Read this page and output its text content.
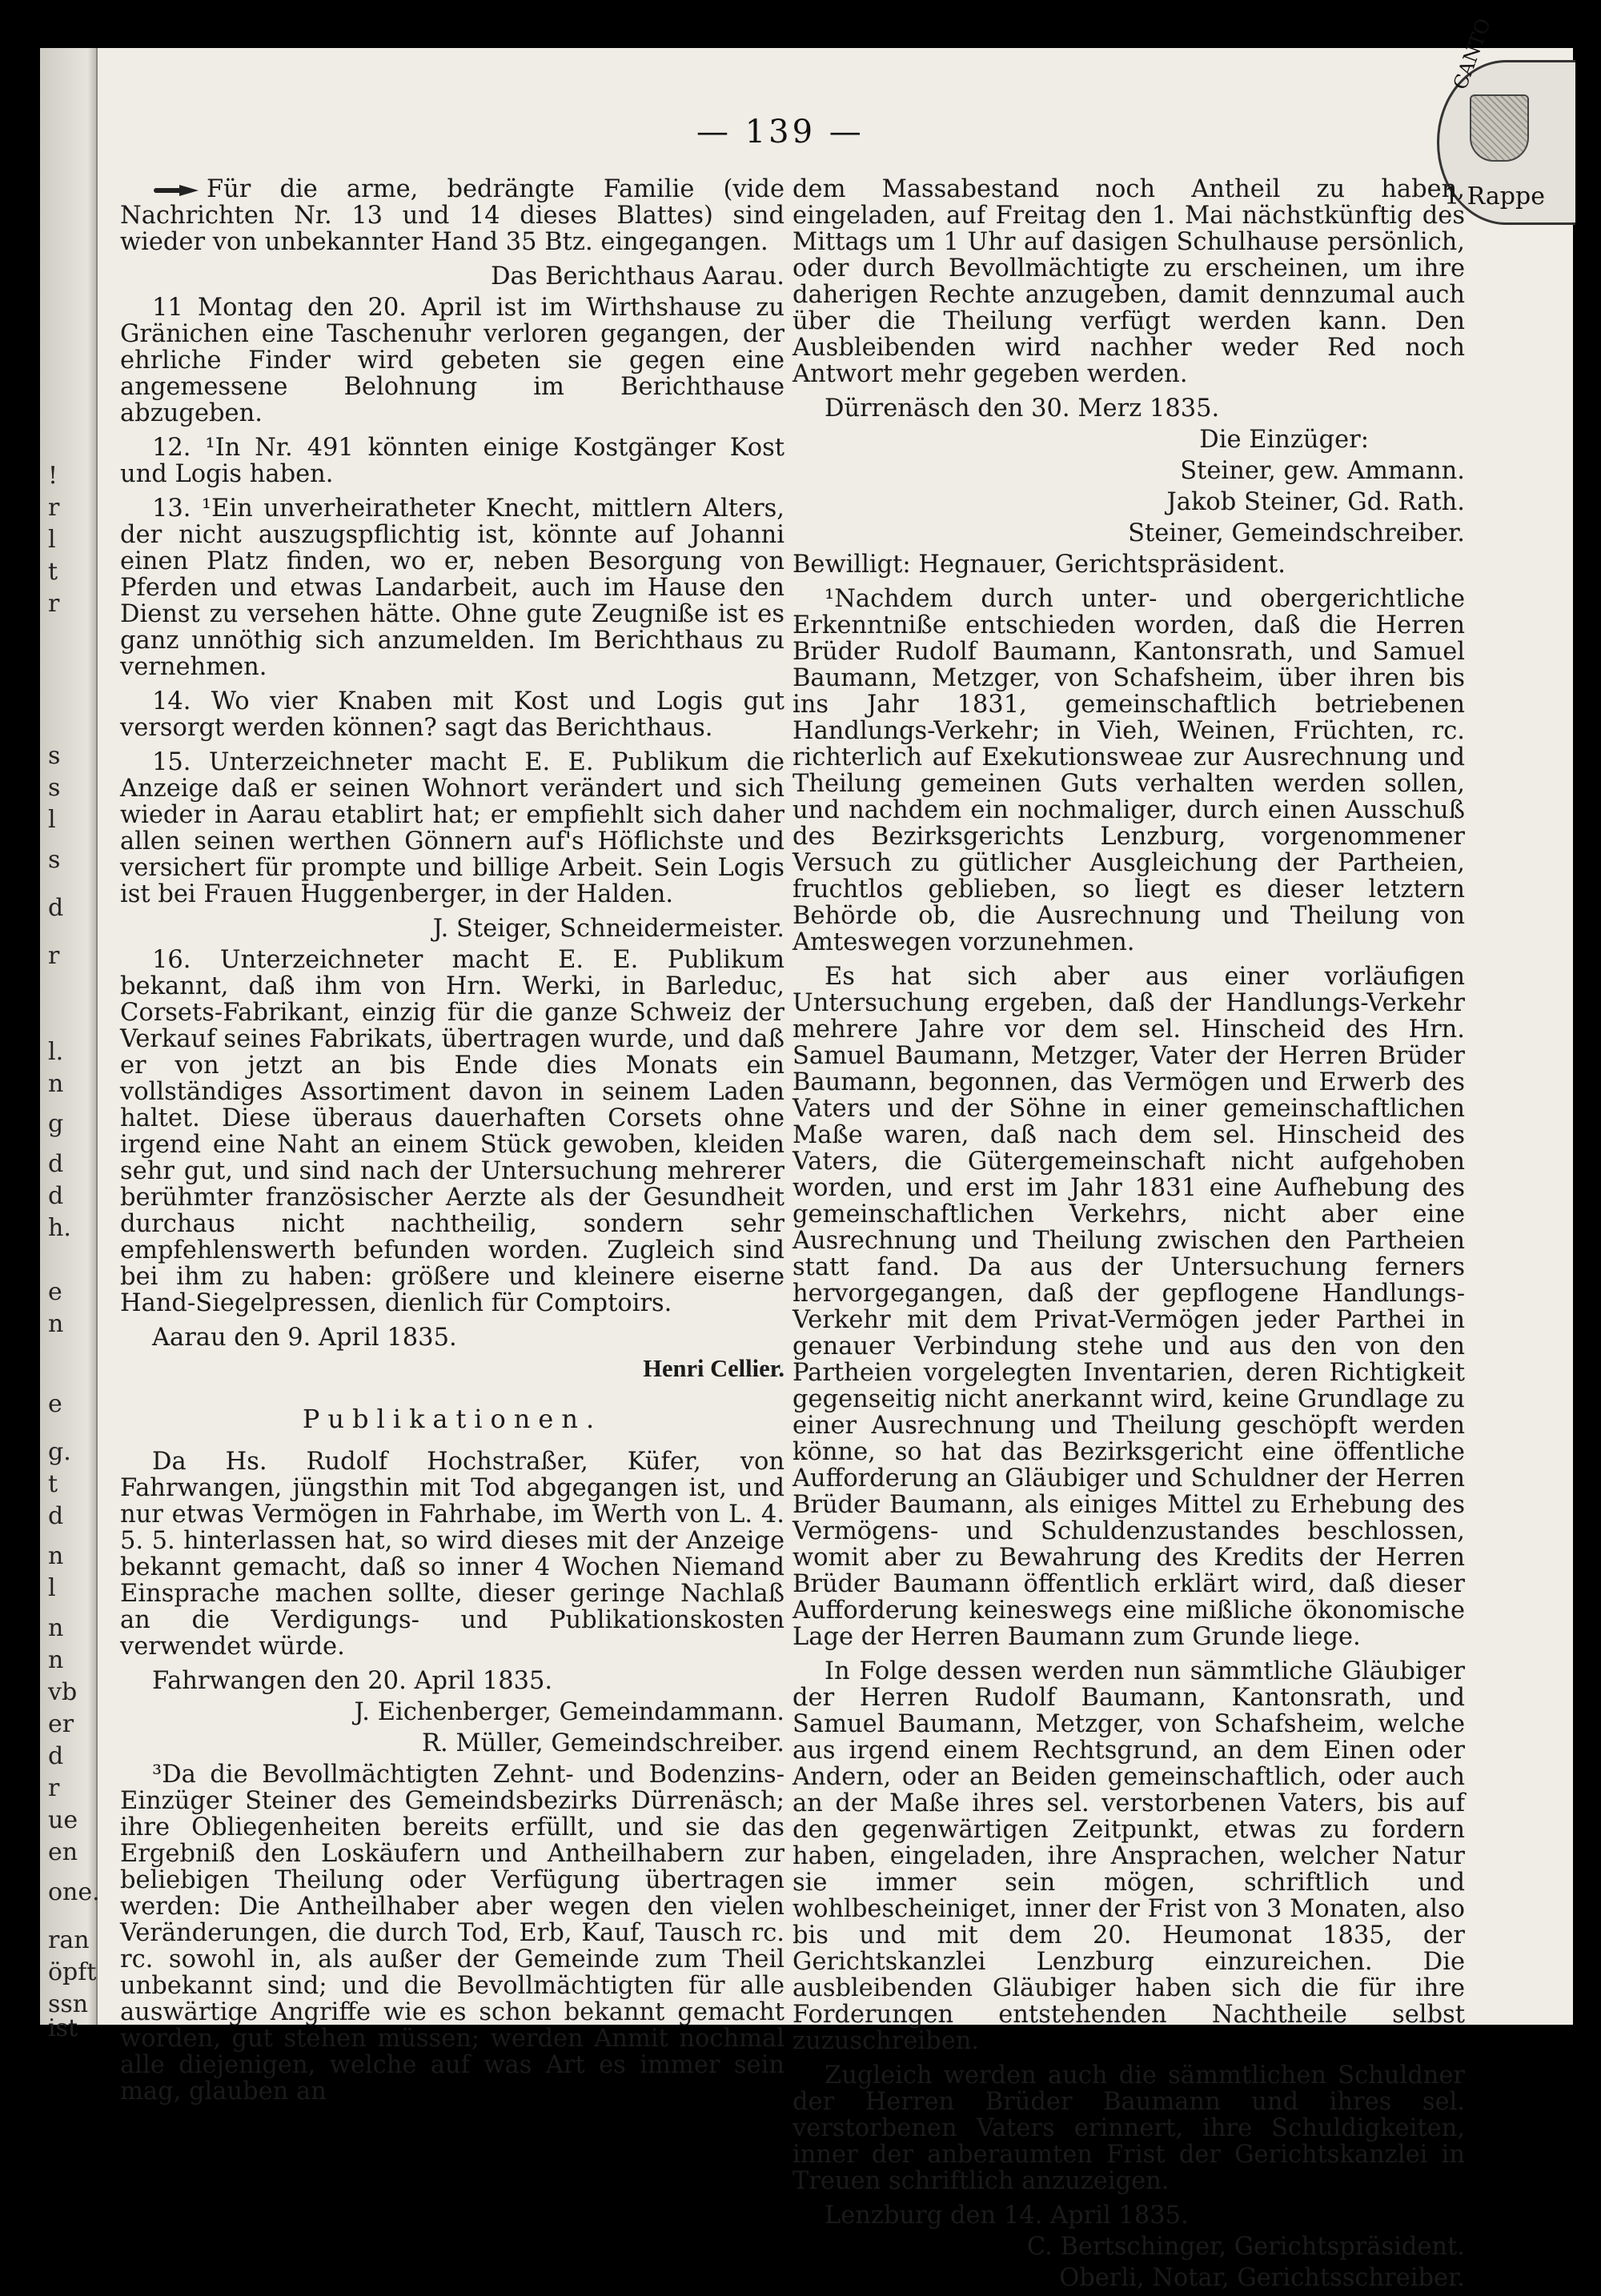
!
r
l
t
r
s
s
l
s
d
r
l.
n
g
d
d
h.
e
n
e
g.
t
d
n
l
n
n
vb
er
d
r
ue
en
one.
ran
öpft
ssn
ist
— 139 —
CANTO
1 Rappe

Für die arme, bedrängte Familie (vide Nachrichten Nr. 13 und 14 dieses Blattes) sind wieder von unbekannter Hand 35 Btz. eingegangen.

Das Berichthaus Aarau.

11 Montag den 20. April ist im Wirthshause zu Gränichen eine Taschenuhr verloren gegangen, der ehrliche Finder wird gebeten sie gegen eine angemessene Belohnung im Berichthause abzugeben.

12. ¹In Nr. 491 könnten einige Kostgänger Kost und Logis haben.

13. ¹Ein unverheiratheter Knecht, mittlern Alters, der nicht auszugspflichtig ist, könnte auf Johanni einen Platz finden, wo er, neben Besorgung von Pferden und etwas Landarbeit, auch im Hause den Dienst zu versehen hätte. Ohne gute Zeugniße ist es ganz unnöthig sich anzumelden. Im Berichthaus zu vernehmen.

14. Wo vier Knaben mit Kost und Logis gut versorgt werden können? sagt das Berichthaus.

15. Unterzeichneter macht E. E. Publikum die Anzeige daß er seinen Wohnort verändert und sich wieder in Aarau etablirt hat; er empfiehlt sich daher allen seinen werthen Gönnern auf's Höflichste und versichert für prompte und billige Arbeit. Sein Logis ist bei Frauen Huggenberger, in der Halden.

J. Steiger, Schneidermeister.

16. Unterzeichneter macht E. E. Publikum bekannt, daß ihm von Hrn. Werki, in Barleduc, Corsets-Fabrikant, einzig für die ganze Schweiz der Verkauf seines Fabrikats, übertragen wurde, und daß er von jetzt an bis Ende dies Monats ein vollständiges Assortiment davon in seinem Laden haltet. Diese überaus dauerhaften Corsets ohne irgend eine Naht an einem Stück gewoben, kleiden sehr gut, und sind nach der Untersuchung mehrerer berühmter französischer Aerzte als der Gesundheit durchaus nicht nachtheilig, sondern sehr empfehlenswerth befunden worden. Zugleich sind bei ihm zu haben: größere und kleinere eiserne Hand-Siegelpressen, dienlich für Comptoirs.

Aarau den 9. April 1835.

Henri Cellier.

Publikationen.

Da Hs. Rudolf Hochstraßer, Küfer, von Fahrwangen, jüngsthin mit Tod abgegangen ist, und nur etwas Vermögen in Fahrhabe, im Werth von L. 4. 5. 5. hinterlassen hat, so wird dieses mit der Anzeige bekannt gemacht, daß so inner 4 Wochen Niemand Einsprache machen sollte, dieser geringe Nachlaß an die Verdigungs- und Publikationskosten verwendet würde.

Fahrwangen den 20. April 1835.

J. Eichenberger, Gemeindammann.

R. Müller, Gemeindschreiber.

³Da die Bevollmächtigten Zehnt- und Bodenzins-Einzüger Steiner des Gemeindsbezirks Dürrenäsch; ihre Obliegenheiten bereits erfüllt, und sie das Ergebniß den Loskäufern und Antheilhabern zur beliebigen Theilung oder Verfügung übertragen werden: Die Antheilhaber aber wegen den vielen Veränderungen, die durch Tod, Erb, Kauf, Tausch rc. rc. sowohl in, als außer der Gemeinde zum Theil unbekannt sind; und die Bevollmächtigten für alle auswärtige Angriffe wie es schon bekannt gemacht worden, gut stehen müssen; werden Anmit nochmal alle diejenigen, welche auf was Art es immer sein mag, glauben an

dem Massabestand noch Antheil zu haben, eingeladen, auf Freitag den 1. Mai nächstkünftig des Mittags um 1 Uhr auf dasigen Schulhause persönlich, oder durch Bevollmächtigte zu erscheinen, um ihre daherigen Rechte anzugeben, damit dennzumal auch über die Theilung verfügt werden kann. Den Ausbleibenden wird nachher weder Red noch Antwort mehr gegeben werden.

Dürrenäsch den 30. Merz 1835.

Die Einzüger:

Steiner, gew. Ammann.

Jakob Steiner, Gd. Rath.

Steiner, Gemeindschreiber.

Bewilligt: Hegnauer, Gerichtspräsident.

¹Nachdem durch unter- und obergerichtliche Erkenntniße entschieden worden, daß die Herren Brüder Rudolf Baumann, Kantonsrath, und Samuel Baumann, Metzger, von Schafsheim, über ihren bis ins Jahr 1831, gemeinschaftlich betriebenen Handlungs-Verkehr; in Vieh, Weinen, Früchten, rc. richterlich auf Exekutionsweae zur Ausrechnung und Theilung gemeinen Guts verhalten werden sollen, und nachdem ein nochmaliger, durch einen Ausschuß des Bezirksgerichts Lenzburg, vorgenommener Versuch zu gütlicher Ausgleichung der Partheien, fruchtlos geblieben, so liegt es dieser letztern Behörde ob, die Ausrechnung und Theilung von Amteswegen vorzunehmen.

Es hat sich aber aus einer vorläufigen Untersuchung ergeben, daß der Handlungs-Verkehr mehrere Jahre vor dem sel. Hinscheid des Hrn. Samuel Baumann, Metzger, Vater der Herren Brüder Baumann, begonnen, das Vermögen und Erwerb des Vaters und der Söhne in einer gemeinschaftlichen Maße waren, daß nach dem sel. Hinscheid des Vaters, die Gütergemeinschaft nicht aufgehoben worden, und erst im Jahr 1831 eine Aufhebung des gemeinschaftlichen Verkehrs, nicht aber eine Ausrechnung und Theilung zwischen den Partheien statt fand. Da aus der Untersuchung ferners hervorgegangen, daß der gepflogene Handlungs-Verkehr mit dem Privat-Vermögen jeder Parthei in genauer Verbindung stehe und aus den von den Partheien vorgelegten Inventarien, deren Richtigkeit gegenseitig nicht anerkannt wird, keine Grundlage zu einer Ausrechnung und Theilung geschöpft werden könne, so hat das Bezirksgericht eine öffentliche Aufforderung an Gläubiger und Schuldner der Herren Brüder Baumann, als einiges Mittel zu Erhebung des Vermögens- und Schuldenzustandes beschlossen, womit aber zu Bewahrung des Kredits der Herren Brüder Baumann öffentlich erklärt wird, daß dieser Aufforderung keineswegs eine mißliche ökonomische Lage der Herren Baumann zum Grunde liege.

In Folge dessen werden nun sämmtliche Gläubiger der Herren Rudolf Baumann, Kantonsrath, und Samuel Baumann, Metzger, von Schafsheim, welche aus irgend einem Rechtsgrund, an dem Einen oder Andern, oder an Beiden gemeinschaftlich, oder auch an der Maße ihres sel. verstorbenen Vaters, bis auf den gegenwärtigen Zeitpunkt, etwas zu fordern haben, eingeladen, ihre Ansprachen, welcher Natur sie immer sein mögen, schriftlich und wohlbescheiniget, inner der Frist von 3 Monaten, also bis und mit dem 20. Heumonat 1835, der Gerichtskanzlei Lenzburg einzureichen. Die ausbleibenden Gläubiger haben sich die für ihre Forderungen entstehenden Nachtheile selbst zuzuschreiben.

Zugleich werden auch die sämmtlichen Schuldner der Herren Brüder Baumann und ihres sel. verstorbenen Vaters erinnert, ihre Schuldigkeiten, inner der anberaumten Frist der Gerichtskanzlei in Treuen schriftlich anzuzeigen.

Lenzburg den 14. April 1835.

C. Bertschinger, Gerichtspräsident.

Oberli, Notar, Gerichtsschreiber.
